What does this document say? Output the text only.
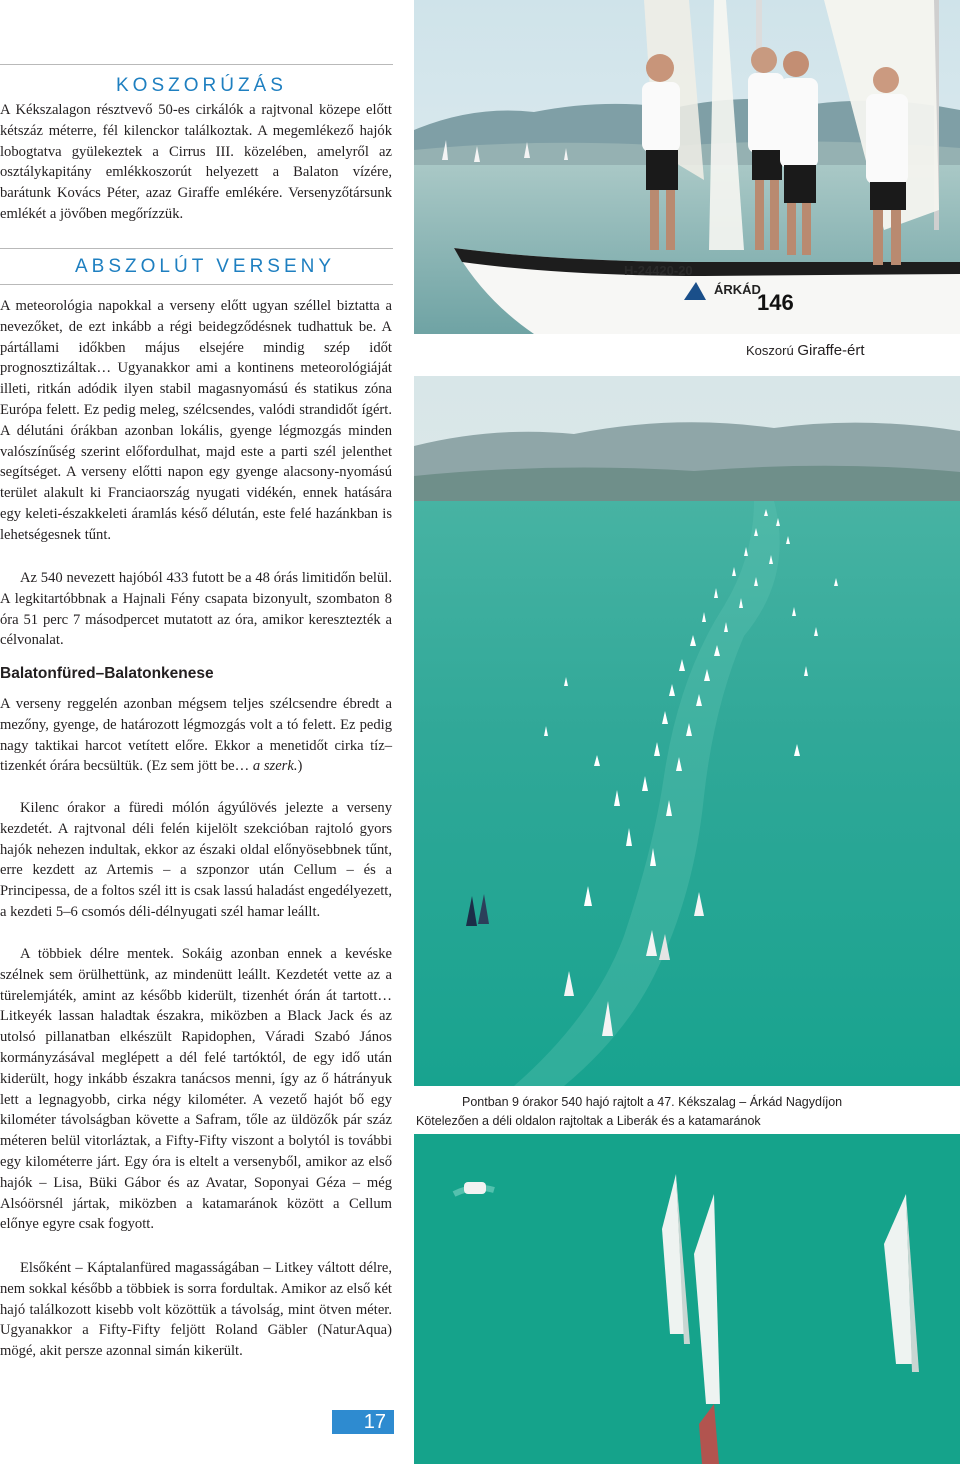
KOSZORÚZÁS

A Kékszalagon résztvevő 50-es cirkálók a rajtvonal közepe előtt kétszáz méterre, fél kilenckor találkoztak. A megemlékező hajók lobogtatva gyülekeztek a Cirrus III. közelében, amelyről az osztálykapitány emlékkoszorút helyezett a Balaton vízére, barátunk Kovács Péter, azaz Giraffe emlékére. Versenyzőtársunk emlékét a jövőben megőrízzük.

ABSZOLÚT VERSENY

A meteorológia napokkal a verseny előtt ugyan széllel biztatta a nevezőket, de ezt inkább a régi beidegződésnek tudhattuk be. A pártállami időkben május elsejére mindig szép időt prognosztizáltak… Ugyanakkor ami a kontinens meteorológiáját illeti, ritkán adódik ilyen stabil magasnyomású és statikus zóna Európa felett. Ez pedig meleg, szélcsendes, valódi strandidőt ígért. A délutáni órákban azonban lokális, gyenge légmozgás minden valószínűség szerint előfordulhat, majd este a parti szél jelenthet segítséget. A verseny előtti napon egy gyenge alacsony-nyomású terület alakult ki Franciaország nyugati vidékén, ennek hatására egy keleti-északkeleti áramlás késő délután, este felé hazánkban is lehetségesnek tűnt.

Az 540 nevezett hajóból 433 futott be a 48 órás limitidőn belül. A legkitartóbbnak a Hajnali Fény csapata bizonyult, szombaton 8 óra 51 perc 7 másodpercet mutatott az óra, amikor keresztezték a célvonalat.

Balatonfüred–Balatonkenese

A verseny reggelén azonban mégsem teljes szélcsendre ébredt a mezőny, gyenge, de határozott légmozgás volt a tó felett. Ez pedig nagy taktikai harcot vetített előre. Ekkor a menetidőt cirka tíz–tizenkét órára becsültük. (Ez sem jött be… a szerk.)

Kilenc órakor a füredi mólón ágyúlövés jelezte a verseny kezdetét. A rajtvonal déli felén kijelölt szekcióban rajtoló gyors hajók nehezen indultak, ekkor az északi oldal előnyösebbnek tűnt, erre kezdett az Artemis – a szponzor után Cellum – és a Principessa, de a foltos szél itt is csak lassú haladást engedélyezett, a kezdeti 5–6 csomós déli-délnyugati szél hamar leállt.

A többiek délre mentek. Sokáig azonban ennek a kevéske szélnek sem örülhettünk, az mindenütt leállt. Kezdetét vette az a türelemjáték, amint az később kiderült, tizenhét órán át tartott… Litkeyék lassan haladtak északra, miközben a Black Jack és az utolsó pillanatban elkészült Rapidophen, Váradi Szabó János kormányzásával meglépett a dél felé tartóktól, de egy idő után kiderült, hogy inkább északra tanácsos menni, így az ő hátrányuk lett a legnagyobb, cirka négy kilométer. A vezető hajót bő egy kilométer távolságban követte a Safram, tőle az üldözők pár száz méteren belül vitorláztak, a Fifty-Fifty viszont a bolytól is további egy kilométerre járt. Egy óra is eltelt a versenyből, amikor az első hajók – Lisa, Büki Gábor és az Avatar, Soponyai Géza – még Alsóörsnél jártak, miközben a katamaránok között a Cellum előnye egyre csak fogyott.

Elsőként – Káptalanfüred magasságában – Litkey váltott délre, nem sokkal később a többiek is sorra fordultak. Amikor az első két hajó találkozott kisebb volt közöttük a távolság, mint ötven méter. Ugyanakkor a Fifty-Fifty feljött Roland Gäbler (NaturAqua) mögé, akit persze azonnal simán kikerült.

17
H-24420-20
ÁRKÁD
146
Koszorú Giraffe-ért
Pontban 9 órakor 540 hajó rajtolt a 47. Kékszalag – Árkád Nagydíjon
Kötelezően a déli oldalon rajtoltak a Liberák és a katamaránok
